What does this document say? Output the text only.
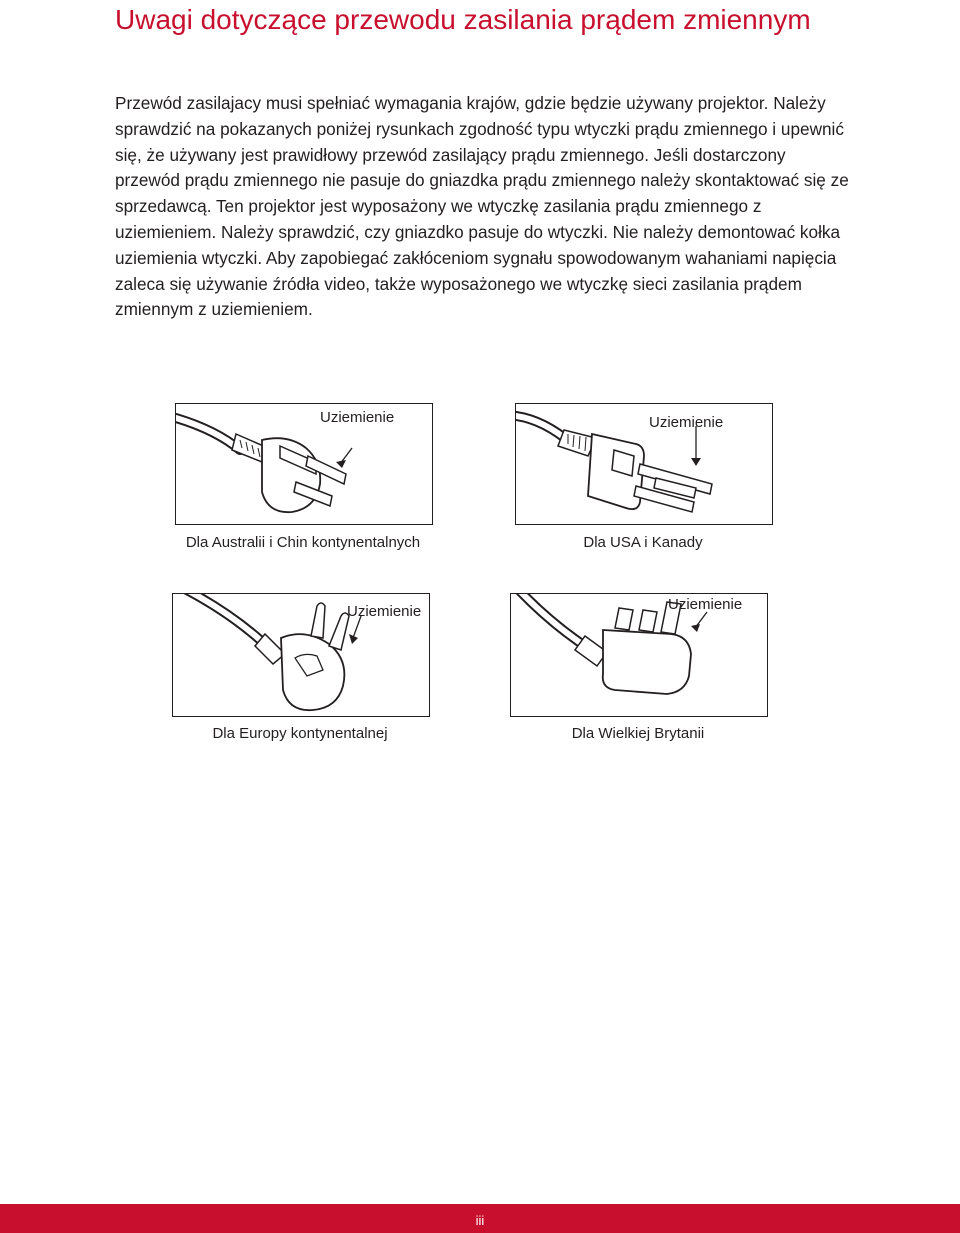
Uwagi dotyczące przewodu zasilania prądem zmiennym

Przewód zasilajacy musi spełniać wymagania krajów, gdzie będzie używany projektor. Należy sprawdzić na pokazanych poniżej rysunkach zgodność typu wtyczki prądu zmiennego i upewnić się, że używany jest prawidłowy przewód zasilający prądu zmiennego. Jeśli dostarczony przewód prądu zmiennego nie pasuje do gniazdka prądu zmiennego należy skontaktować się ze sprzedawcą. Ten projektor jest wyposażony we wtyczkę zasilania prądu zmiennego z uziemieniem. Należy sprawdzić, czy gniazdko pasuje do wtyczki. Nie należy demontować kołka uziemienia wtyczki. Aby zapobiegać zakłóceniom sygnału spowodowanym wahaniami napięcia zaleca się używanie źródła video, także wyposażonego we wtyczkę sieci zasilania prądem zmiennym z uziemieniem.

Uziemienie
Dla Australii i Chin kontynentalnych
Uziemienie
Dla USA i Kanady
Uziemienie
Dla Europy kontynentalnej
Uziemienie
Dla Wielkiej Brytanii
iii
